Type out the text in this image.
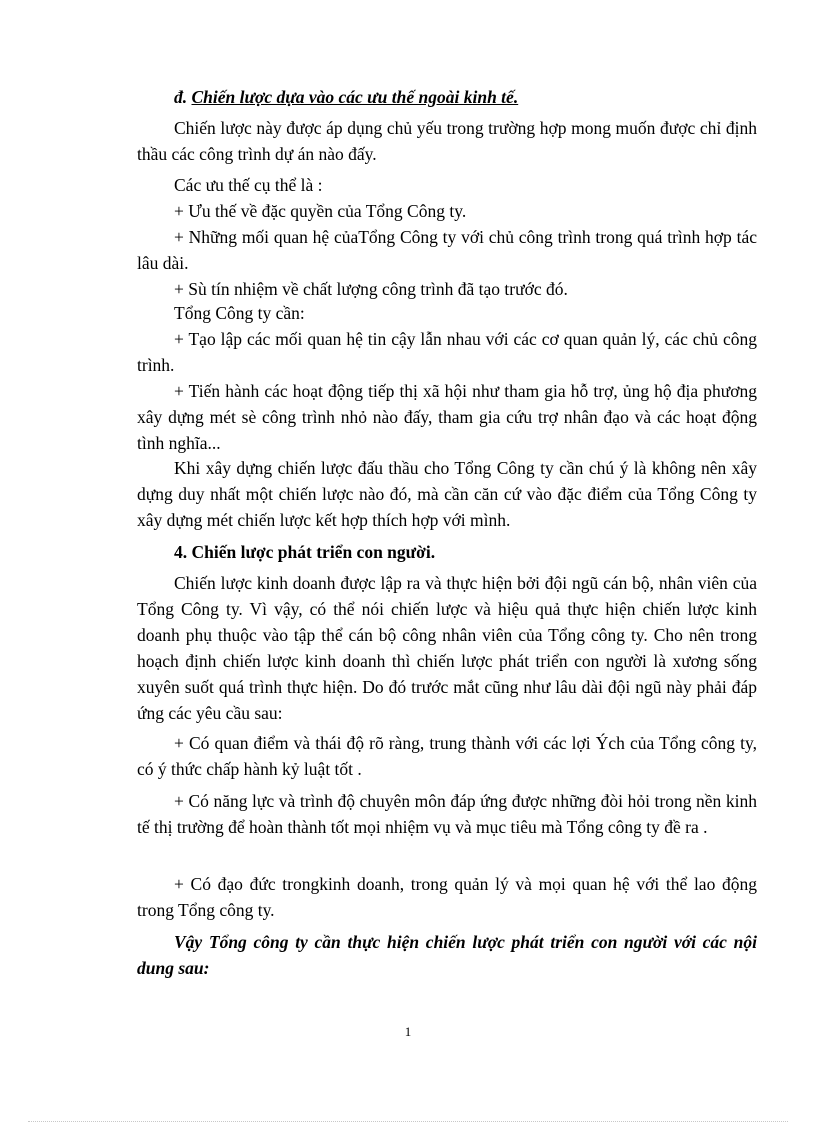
đ. Chiến lược dựa vào các ưu thế ngoài kinh tế.

Chiến lược này được áp dụng chủ yếu trong trường hợp mong muốn được chỉ định thầu các công trình dự án nào đấy.

Các ưu thế cụ thể là :

+ Ưu thế về đặc quyền của Tổng Công ty.

+ Những mối quan hệ củaTổng Công ty với chủ công trình trong quá trình hợp tác lâu dài.

+ Sù tín nhiệm về chất lượng công trình đã tạo trước đó.

Tổng Công ty cần:

+ Tạo lập các mối quan hệ tin cậy lẫn nhau với các cơ quan quản lý, các chủ công trình.

+ Tiến hành các hoạt động tiếp thị xã hội như tham gia hỗ trợ, ủng hộ địa phương xây dựng mét sè công trình nhỏ nào đấy, tham gia cứu trợ nhân đạo và các hoạt động tình nghĩa...

Khi xây dựng chiến lược đấu thầu cho Tổng Công ty cần chú ý là không nên xây dựng duy nhất một chiến lược nào đó, mà cần căn cứ vào đặc điểm của Tổng Công ty xây dựng mét chiến lược kết hợp thích hợp với mình.

4. Chiến lược phát triển con người.

Chiến lược kinh doanh được lập ra và thực hiện bởi đội ngũ cán bộ, nhân viên của Tổng Công ty. Vì vậy, có thể nói chiến lược và hiệu quả thực hiện chiến lược kinh doanh phụ thuộc vào tập thể cán bộ công nhân viên của Tổng công ty. Cho nên trong hoạch định chiến lược kinh doanh thì chiến lược phát triển con người là xương sống xuyên suốt quá trình thực hiện. Do đó trước mắt cũng như lâu dài đội ngũ này phải đáp ứng các yêu cầu sau:

+ Có quan điểm và thái độ rõ ràng, trung thành với các lợi Ých của Tổng công ty, có ý thức chấp hành kỷ luật tốt .

+ Có năng lực và trình độ chuyên môn đáp ứng được những đòi hỏi trong nền kinh tế thị trường để hoàn thành tốt mọi nhiệm vụ và mục tiêu mà Tổng công ty đề ra .

+ Có đạo đức trongkinh doanh, trong quản lý và mọi quan hệ với thể lao động trong Tổng công ty.

Vậy Tổng công ty cần thực hiện chiến lược phát triển con người với các nội dung sau:

1
